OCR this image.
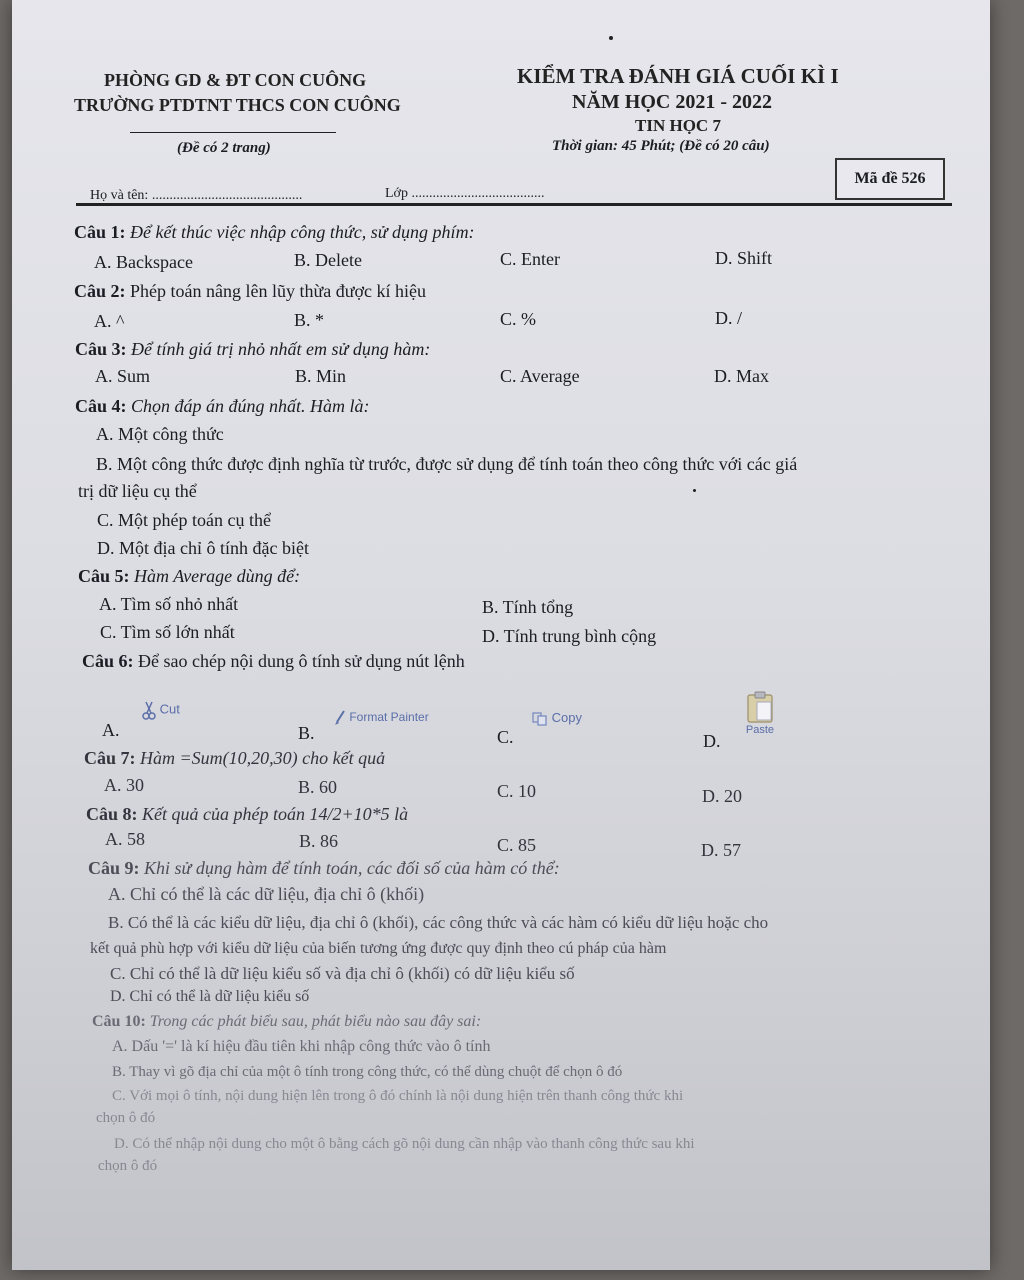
PHÒNG GD & ĐT CON CUÔNG
TRƯỜNG PTDTNT THCS CON CUÔNG
(Đề có 2 trang)
KIỂM TRA ĐÁNH GIÁ CUỐI KÌ I
NĂM HỌC 2021 - 2022
TIN HỌC 7
Thời gian: 45 Phút; (Đề có 20 câu)
Mã đề 526
Họ và tên: ...........................................	Lớp ......................................
Câu 1: Để kết thúc việc nhập công thức, sử dụng phím:
A. Backspace	B. Delete	C. Enter	D. Shift
Câu 2: Phép toán nâng lên lũy thừa được kí hiệu
A. ^	B. *	C. %	D. /
Câu 3: Để tính giá trị nhỏ nhất em sử dụng hàm:
A. Sum	B. Min	C. Average	D. Max
Câu 4: Chọn đáp án đúng nhất. Hàm là:
A. Một công thức
B. Một công thức được định nghĩa từ trước, được sử dụng để tính toán theo công thức với các giá
trị dữ liệu cụ thể
C. Một phép toán cụ thể
D. Một địa chỉ ô tính đặc biệt
Câu 5: Hàm Average dùng để:
A. Tìm số nhỏ nhất	B. Tính tổng
C. Tìm số lớn nhất	D. Tính trung bình cộng
Câu 6: Để sao chép nội dung ô tính sử dụng nút lệnh
A.
Cut
B.
Format Painter
C.
Copy
D.
Paste
Câu 7: Hàm =Sum(10,20,30) cho kết quả
A. 30	B. 60	C. 10	D. 20
Câu 8: Kết quả của phép toán 14/2+10*5 là
A. 58	B. 86	C. 85	D. 57
Câu 9: Khi sử dụng hàm để tính toán, các đối số của hàm có thể:
A. Chỉ có thể là các dữ liệu, địa chỉ ô (khối)
B. Có thể là các kiểu dữ liệu, địa chỉ ô (khối), các công thức và các hàm có kiểu dữ liệu hoặc cho
kết quả phù hợp với kiểu dữ liệu của biến tương ứng được quy định theo cú pháp của hàm
C. Chỉ có thể là dữ liệu kiểu số và địa chỉ ô (khối) có dữ liệu kiểu số
D. Chỉ có thể là dữ liệu kiểu số
Câu 10: Trong các phát biểu sau, phát biểu nào sau đây sai:
A. Dấu '=' là kí hiệu đầu tiên khi nhập công thức vào ô tính
B. Thay vì gõ địa chỉ của một ô tính trong công thức, có thể dùng chuột để chọn ô đó
C. Với mọi ô tính, nội dung hiện lên trong ô đó chính là nội dung hiện trên thanh công thức khi
chọn ô đó
D. Có thể nhập nội dung cho một ô bằng cách gõ nội dung cần nhập vào thanh công thức sau khi
chọn ô đó
